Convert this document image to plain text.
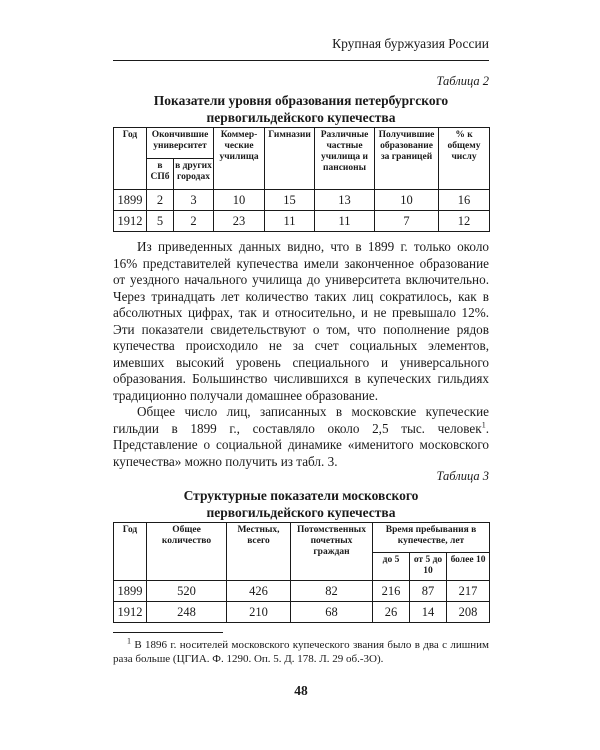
Крупная буржуазия России
Таблица 2
Показатели уровня образования петербургского
первогильдейского купечества
Год	Окончившие университет		Коммерческие училища	Гимназии	Различные частные училища и пансионы	Получившие образование за границей	% к общему числу
	в СПб	в других городах					
1899	2	3	10	15	13	10	16
1912	5	2	23	11	11	7	12

Из приведенных данных видно, что в 1899 г. только около 16% представителей купечества имели законченное образование от уездного начального училища до университета включительно. Через тринадцать лет количество таких лиц сократилось, как в абсолютных цифрах, так и относительно, и не превышало 12%. Эти показатели свидетельствуют о том, что пополнение рядов купечества происходило не за счет социальных элементов, имевших высокий уровень специального и универсального образования. Большинство числившихся в купеческих гильдиях традиционно получали домашнее образование.

Общее число лиц, записанных в московские купеческие гильдии в 1899 г., составляло около 2,5 тыс. человек$^1$. Представление о социальной динамике «именитого московского купечества» можно получить из табл. 3.

Таблица 3
Структурные показатели московского
первогильдейского купечества
Год	Общее количество	Местных, всего	Потомственных почетных граждан	Время пребывания в купечестве, лет		
				до 5	от 5 до 10	более 10
1899	520	426	82	216	87	217
1912	248	210	68	26	14	208

$^1$ В 1896 г. носителей московского купеческого звания было в два с лишним раза больше (ЦГИА. Ф. 1290. Оп. 5. Д. 178. Л. 29 об.-3О).

48
